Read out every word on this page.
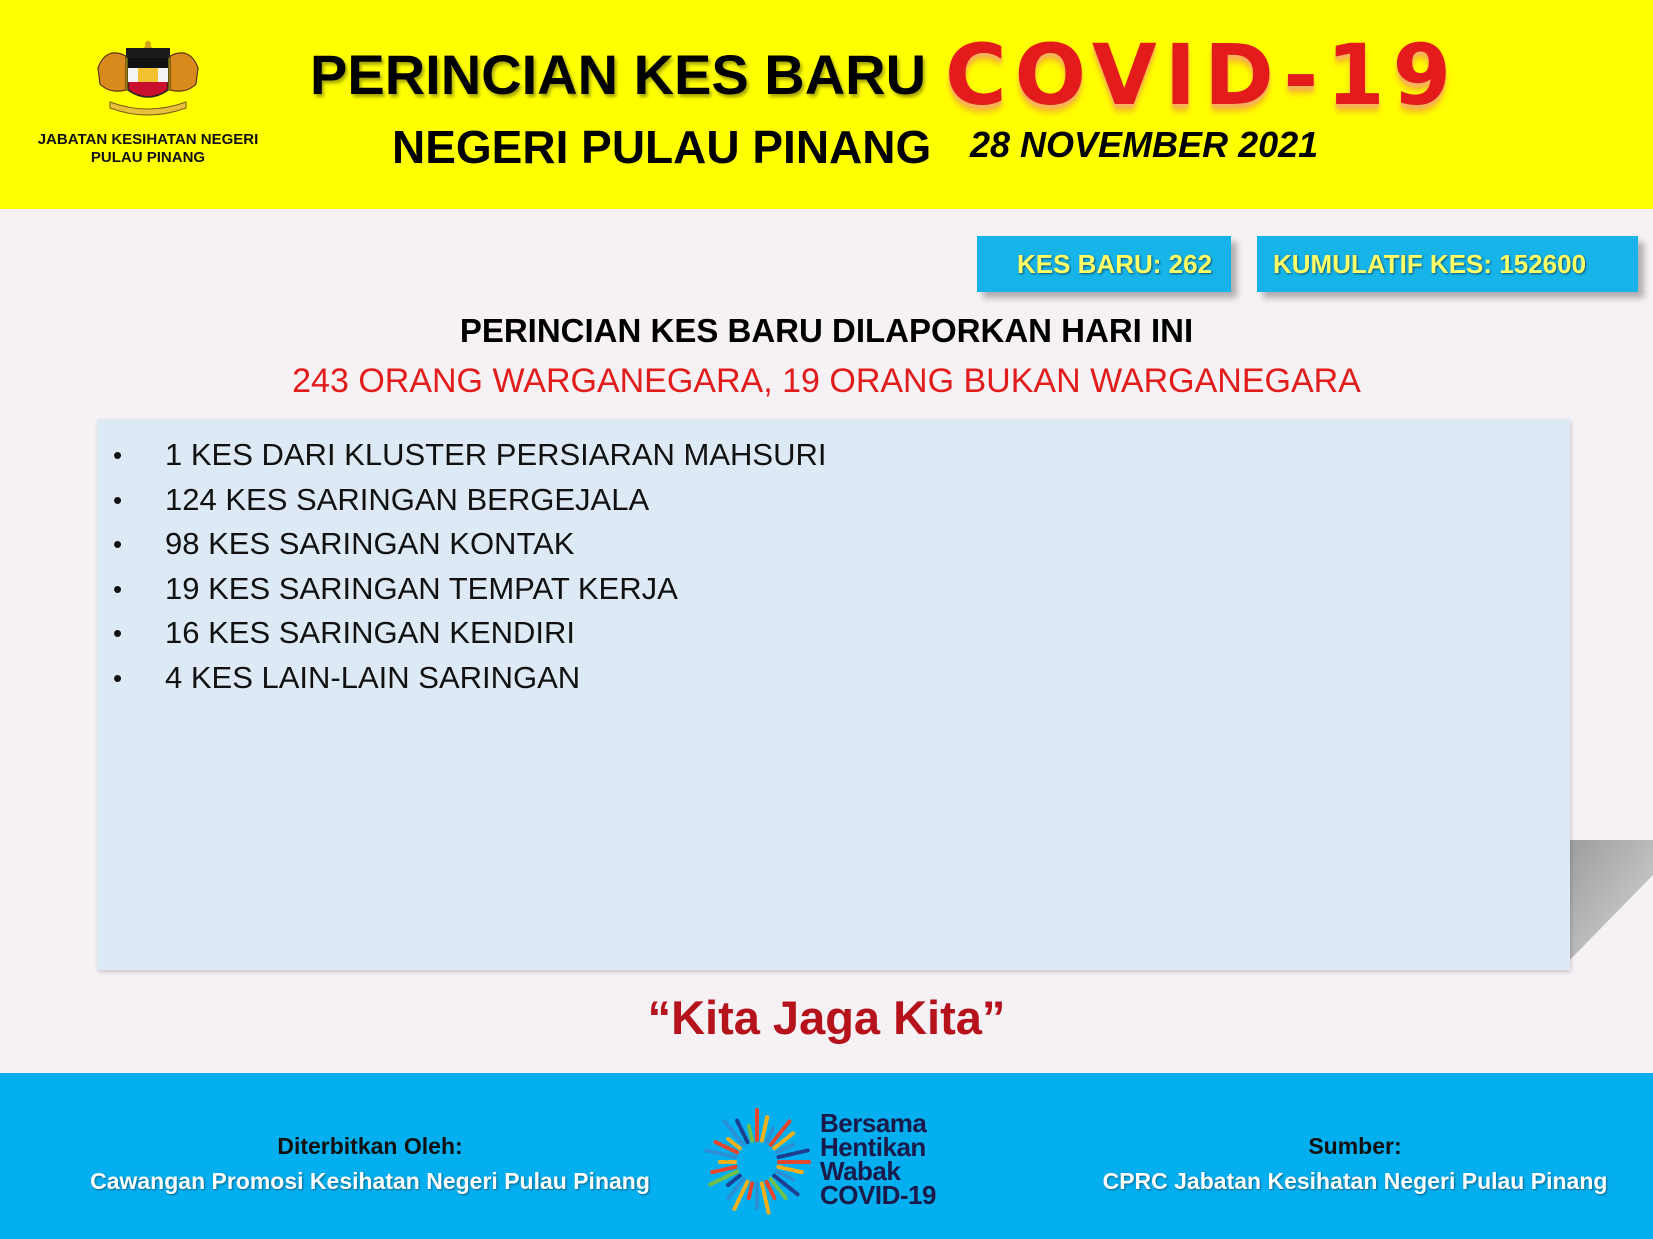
JABATAN KESIHATAN NEGERI PULAU PINANG
PERINCIAN KES BARU COVID-19
NEGERI PULAU PINANG 28 NOVEMBER 2021
KES BARU: 262	KUMULATIF KES: 152600
PERINCIAN KES BARU DILAPORKAN HARI INI
243 ORANG WARGANEGARA, 19 ORANG BUKAN WARGANEGARA
• 1 KES DARI KLUSTER PERSIARAN MAHSURI
• 124 KES SARINGAN BERGEJALA
• 98 KES SARINGAN KONTAK
• 19 KES SARINGAN TEMPAT KERJA
• 16 KES SARINGAN KENDIRI
• 4 KES LAIN-LAIN SARINGAN
“Kita Jaga Kita”
Diterbitkan Oleh:
Cawangan Promosi Kesihatan Negeri Pulau Pinang
Bersama
Hentikan
Wabak
COVID-19
Sumber:
CPRC Jabatan Kesihatan Negeri Pulau Pinang
